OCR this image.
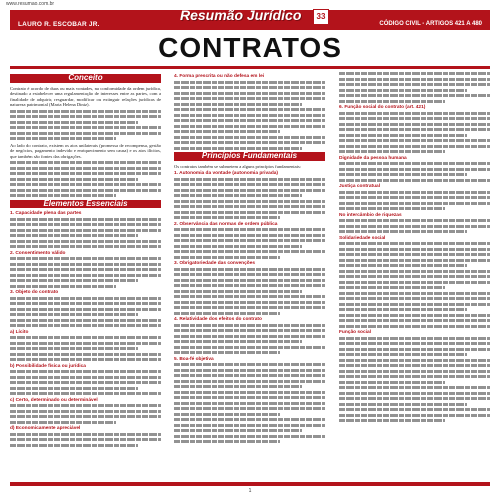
www.resumao.com.br
LAURO R. ESCOBAR JR.	CÓDIGO CIVIL - ARTIGOS 421 A 480
Resumão Jurídico	33
CONTRATOS
Conceito

Contrato é acordo de duas ou mais vontades, na conformidade da ordem jurídica, destinado a estabelecer uma regulamentação de interesses entre as partes, com a finalidade de adquirir, resguardar, modificar ou extinguir relações jurídicas de natureza patrimonial (Maria Helena Diniz).

Ao lado do contrato, existem os atos unilaterais (promessa de recompensa, gestão de negócios, pagamento indevido e enriquecimento sem causa) e os atos ilícitos, que também são fontes das obrigações.

Elementos Essenciais
1. Capacidade plena das partes
2. Consentimento válido
3. Objeto do contrato
a) Lícito
b) Possibilidade física ou jurídica
c) Certo, determinado ou determinável
d) Economicamente apreciável
4. Forma prescrita ou não defesa em lei
Princípios Fundamentais

Os contratos também se submetem a alguns princípios fundamentais:

1. Autonomia da vontade (autonomia privada)
2. Observância das normas de ordem pública
3. Obrigatoriedade das convenções
4. Relatividade dos efeitos do contrato
5. Boa-fé objetiva
6. Função social do contrato (art. 421)
Dignidade da pessoa humana
Justiça contratual
No intercâmbio de riquezas
Solidariedade social
Função social
1
